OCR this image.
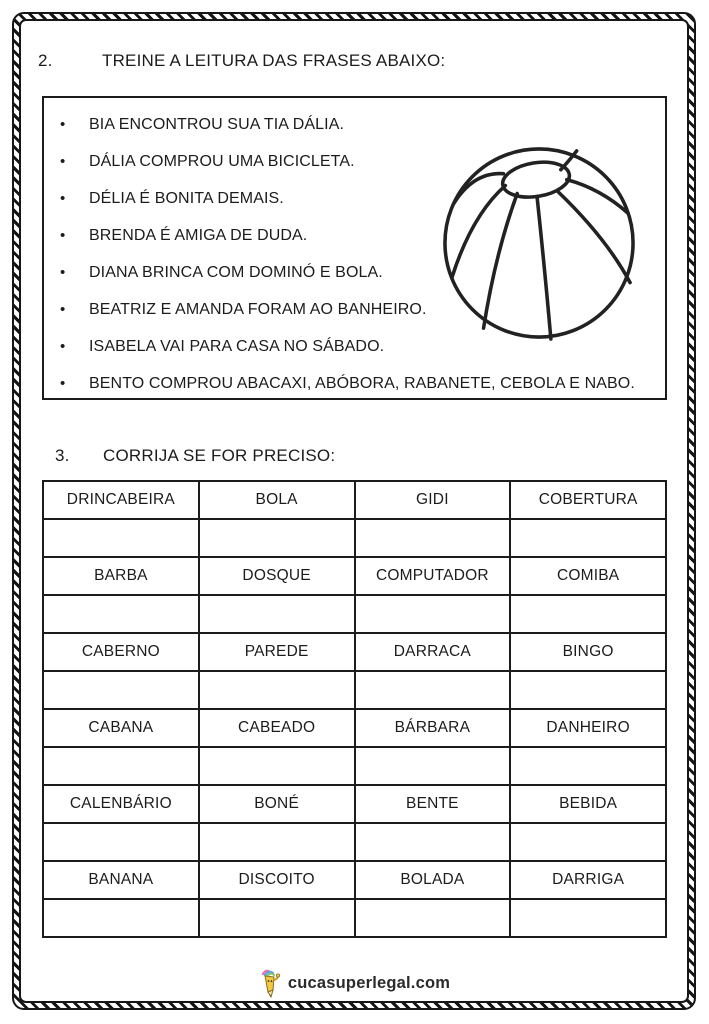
2.	TREINE A LEITURA DAS FRASES ABAIXO:
•	BIA ENCONTROU SUA TIA DÁLIA.
•	DÁLIA COMPROU UMA BICICLETA.
•	DÉLIA É BONITA DEMAIS.
•	BRENDA É AMIGA DE DUDA.
•	DIANA BRINCA COM DOMINÓ E BOLA.
•	BEATRIZ E AMANDA FORAM AO BANHEIRO.
•	ISABELA VAI PARA CASA NO SÁBADO.
•	BENTO COMPROU ABACAXI, ABÓBORA, RABANETE, CEBOLA E NABO.
3.	CORRIJA SE FOR PRECISO:
DRINCABEIRA	BOLA	GIDI	COBERTURA

BARBA	DOSQUE	COMPUTADOR	COMIBA

CABERNO	PAREDE	DARRACA	BINGO

CABANA	CABEADO	BÁRBARA	DANHEIRO

CALENBÁRIO	BONÉ	BENTE	BEBIDA

BANANA	DISCOITO	BOLADA	DARRIGA

cucasuperlegal.com
